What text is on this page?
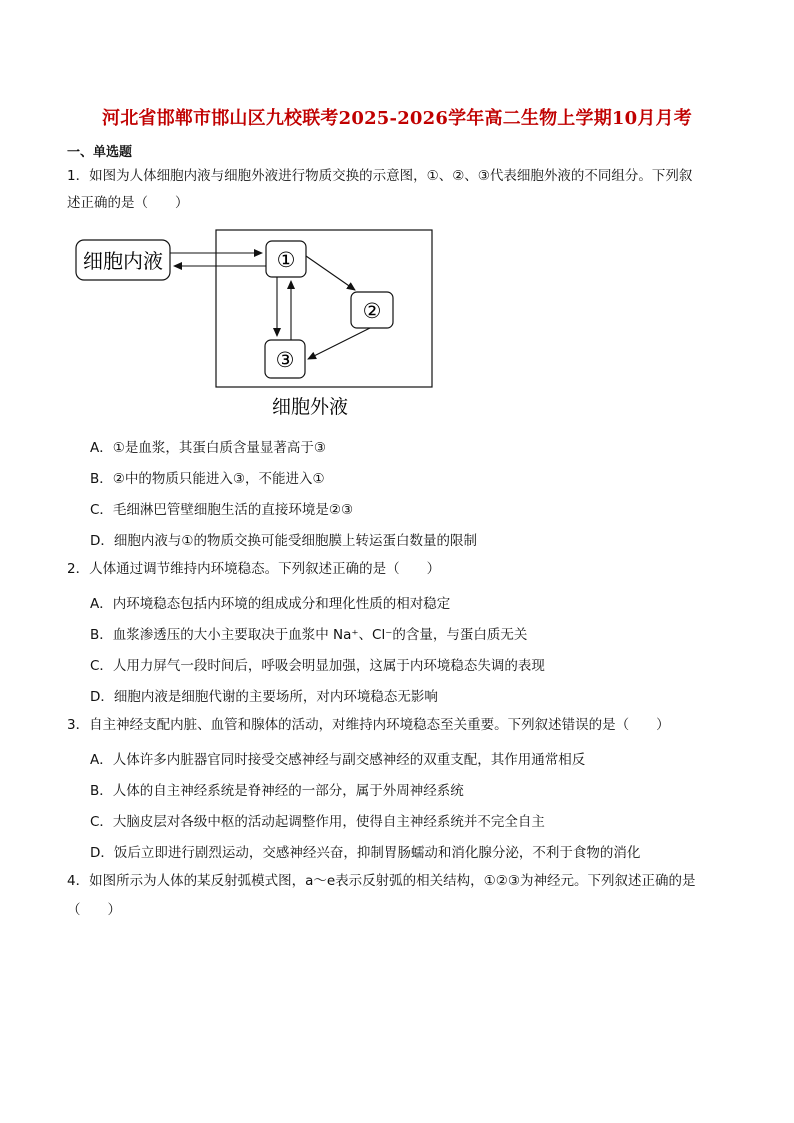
河北省邯郸市邯山区九校联考2025-2026学年高二生物上学期10月月考
一、单选题
1．如图为人体细胞内液与细胞外液进行物质交换的示意图，①、②、③代表细胞外液的不同组分。下列叙
述正确的是（　　）
细胞内液	①
②
③
细胞外液
A．①是血浆，其蛋白质含量显著高于③
B．②中的物质只能进入③，不能进入①
C．毛细淋巴管壁细胞生活的直接环境是②③
D．细胞内液与①的物质交换可能受细胞膜上转运蛋白数量的限制
2．人体通过调节维持内环境稳态。下列叙述正确的是（　　）
A．内环境稳态包括内环境的组成成分和理化性质的相对稳定
B．血浆渗透压的大小主要取决于血浆中 Na⁺、Cl⁻的含量，与蛋白质无关
C．人用力屏气一段时间后，呼吸会明显加强，这属于内环境稳态失调的表现
D．细胞内液是细胞代谢的主要场所，对内环境稳态无影响
3．自主神经支配内脏、血管和腺体的活动，对维持内环境稳态至关重要。下列叙述错误的是（　　）
A．人体许多内脏器官同时接受交感神经与副交感神经的双重支配，其作用通常相反
B．人体的自主神经系统是脊神经的一部分，属于外周神经系统
C．大脑皮层对各级中枢的活动起调整作用，使得自主神经系统并不完全自主
D．饭后立即进行剧烈运动，交感神经兴奋，抑制胃肠蠕动和消化腺分泌，不利于食物的消化
4．如图所示为人体的某反射弧模式图，a～e表示反射弧的相关结构，①②③为神经元。下列叙述正确的是
（　　）
